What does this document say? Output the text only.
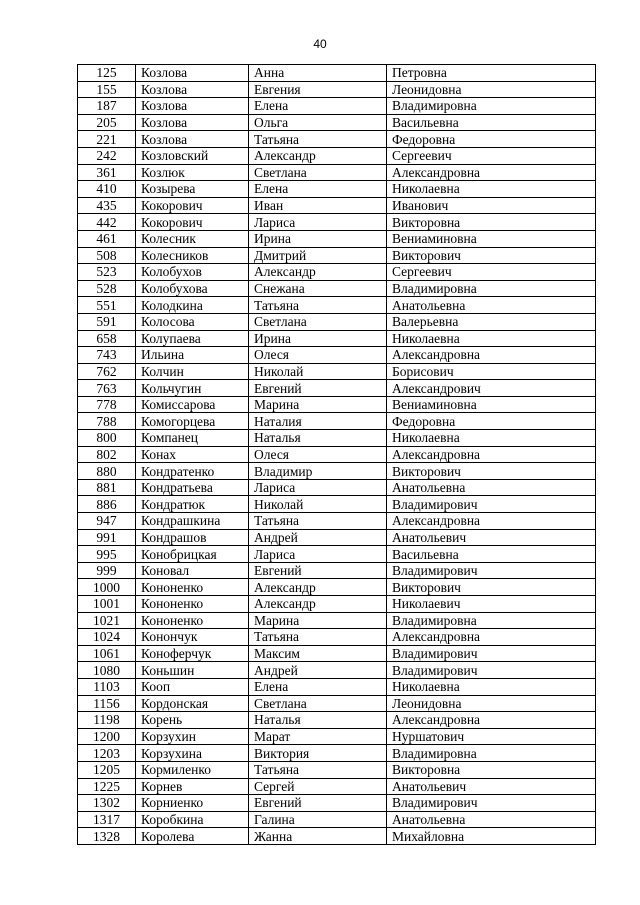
40
125	Козлова	Анна	Петровна
155	Козлова	Евгения	Леонидовна
187	Козлова	Елена	Владимировна
205	Козлова	Ольга	Васильевна
221	Козлова	Татьяна	Федоровна
242	Козловский	Александр	Сергеевич
361	Козлюк	Светлана	Александровна
410	Козырева	Елена	Николаевна
435	Кокорович	Иван	Иванович
442	Кокорович	Лариса	Викторовна
461	Колесник	Ирина	Вениаминовна
508	Колесников	Дмитрий	Викторович
523	Колобухов	Александр	Сергеевич
528	Колобухова	Снежана	Владимировна
551	Колодкина	Татьяна	Анатольевна
591	Колосова	Светлана	Валерьевна
658	Колупаева	Ирина	Николаевна
743	Ильина	Олеся	Александровна
762	Колчин	Николай	Борисович
763	Кольчугин	Евгений	Александрович
778	Комиссарова	Марина	Вениаминовна
788	Комогорцева	Наталия	Федоровна
800	Компанец	Наталья	Николаевна
802	Конах	Олеся	Александровна
880	Кондратенко	Владимир	Викторович
881	Кондратьева	Лариса	Анатольевна
886	Кондратюк	Николай	Владимирович
947	Кондрашкина	Татьяна	Александровна
991	Кондрашов	Андрей	Анатольевич
995	Конобрицкая	Лариса	Васильевна
999	Коновал	Евгений	Владимирович
1000	Кононенко	Александр	Викторович
1001	Кононенко	Александр	Николаевич
1021	Кононенко	Марина	Владимировна
1024	Конончук	Татьяна	Александровна
1061	Коноферчук	Максим	Владимирович
1080	Коньшин	Андрей	Владимирович
1103	Кооп	Елена	Николаевна
1156	Кордонская	Светлана	Леонидовна
1198	Корень	Наталья	Александровна
1200	Корзухин	Марат	Нуршатович
1203	Корзухина	Виктория	Владимировна
1205	Кормиленко	Татьяна	Викторовна
1225	Корнев	Сергей	Анатольевич
1302	Корниенко	Евгений	Владимирович
1317	Коробкина	Галина	Анатольевна
1328	Королева	Жанна	Михайловна
